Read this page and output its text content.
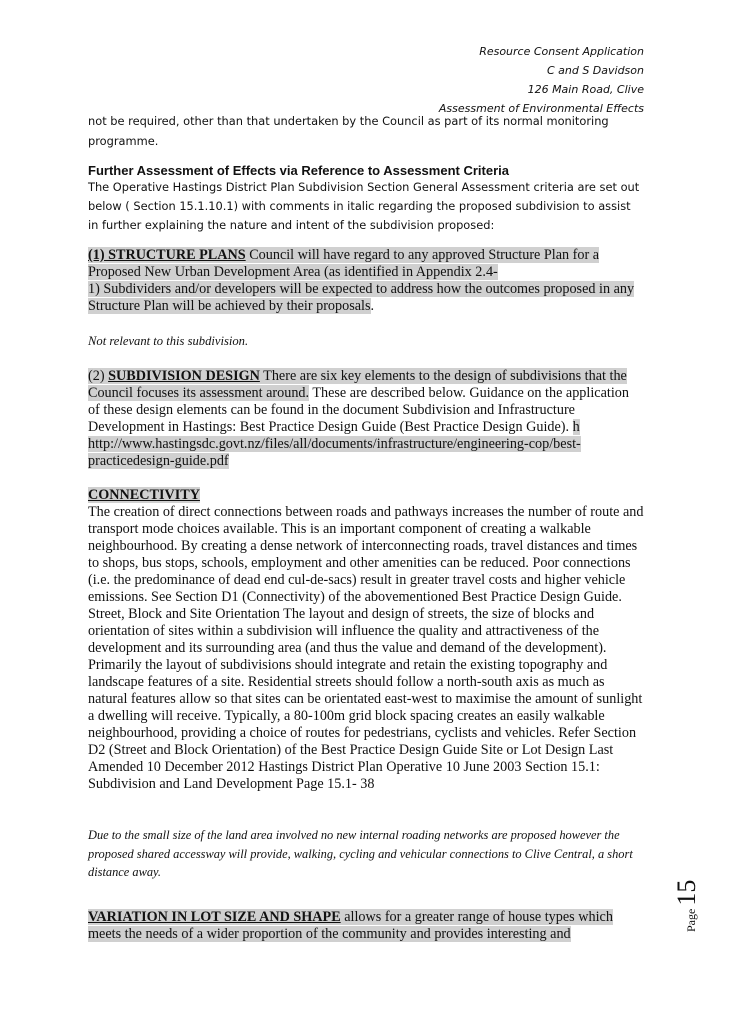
Resource Consent Application
C and S Davidson
126 Main Road, Clive
Assessment of Environmental Effects
not be required, other than that undertaken by the Council as part of its normal monitoring programme.
Further Assessment of Effects via Reference to Assessment Criteria
The Operative Hastings District Plan Subdivision Section General Assessment criteria are set out below ( Section 15.1.10.1) with comments in italic regarding the proposed subdivision to assist in further explaining the nature and intent of the subdivision proposed:
(1) STRUCTURE PLANS Council will have regard to any approved Structure Plan for a Proposed New Urban Development Area (as identified in Appendix 2.4-
1) Subdividers and/or developers will be expected to address how the outcomes proposed in any Structure Plan will be achieved by their proposals.
Not relevant to this subdivision.
(2) SUBDIVISION DESIGN There are six key elements to the design of subdivisions that the Council focuses its assessment around. These are described below. Guidance on the application of these design elements can be found in the document Subdivision and Infrastructure Development in Hastings: Best Practice Design Guide (Best Practice Design Guide). h http://www.hastingsdc.govt.nz/files/all/documents/infrastructure/engineering-cop/best-practicedesign-guide.pdf
CONNECTIVITY
The creation of direct connections between roads and pathways increases the number of route and transport mode choices available. This is an important component of creating a walkable neighbourhood. By creating a dense network of interconnecting roads, travel distances and times to shops, bus stops, schools, employment and other amenities can be reduced. Poor connections (i.e. the predominance of dead end cul-de-sacs) result in greater travel costs and higher vehicle emissions. See Section D1 (Connectivity) of the abovementioned Best Practice Design Guide. Street, Block and Site Orientation The layout and design of streets, the size of blocks and orientation of sites within a subdivision will influence the quality and attractiveness of the development and its surrounding area (and thus the value and demand of the development). Primarily the layout of subdivisions should integrate and retain the existing topography and landscape features of a site. Residential streets should follow a north-south axis as much as natural features allow so that sites can be orientated east-west to maximise the amount of sunlight a dwelling will receive. Typically, a 80-100m grid block spacing creates an easily walkable neighbourhood, providing a choice of routes for pedestrians, cyclists and vehicles. Refer Section D2 (Street and Block Orientation) of the Best Practice Design Guide Site or Lot Design Last Amended 10 December 2012 Hastings District Plan Operative 10 June 2003 Section 15.1: Subdivision and Land Development Page 15.1- 38
Due to the small size of the land area involved no new internal roading networks are proposed however the proposed shared accessway will provide, walking, cycling and vehicular connections to Clive Central, a short distance away.
VARIATION IN LOT SIZE AND SHAPE allows for a greater range of house types which meets the needs of a wider proportion of the community and provides interesting and
Page15
